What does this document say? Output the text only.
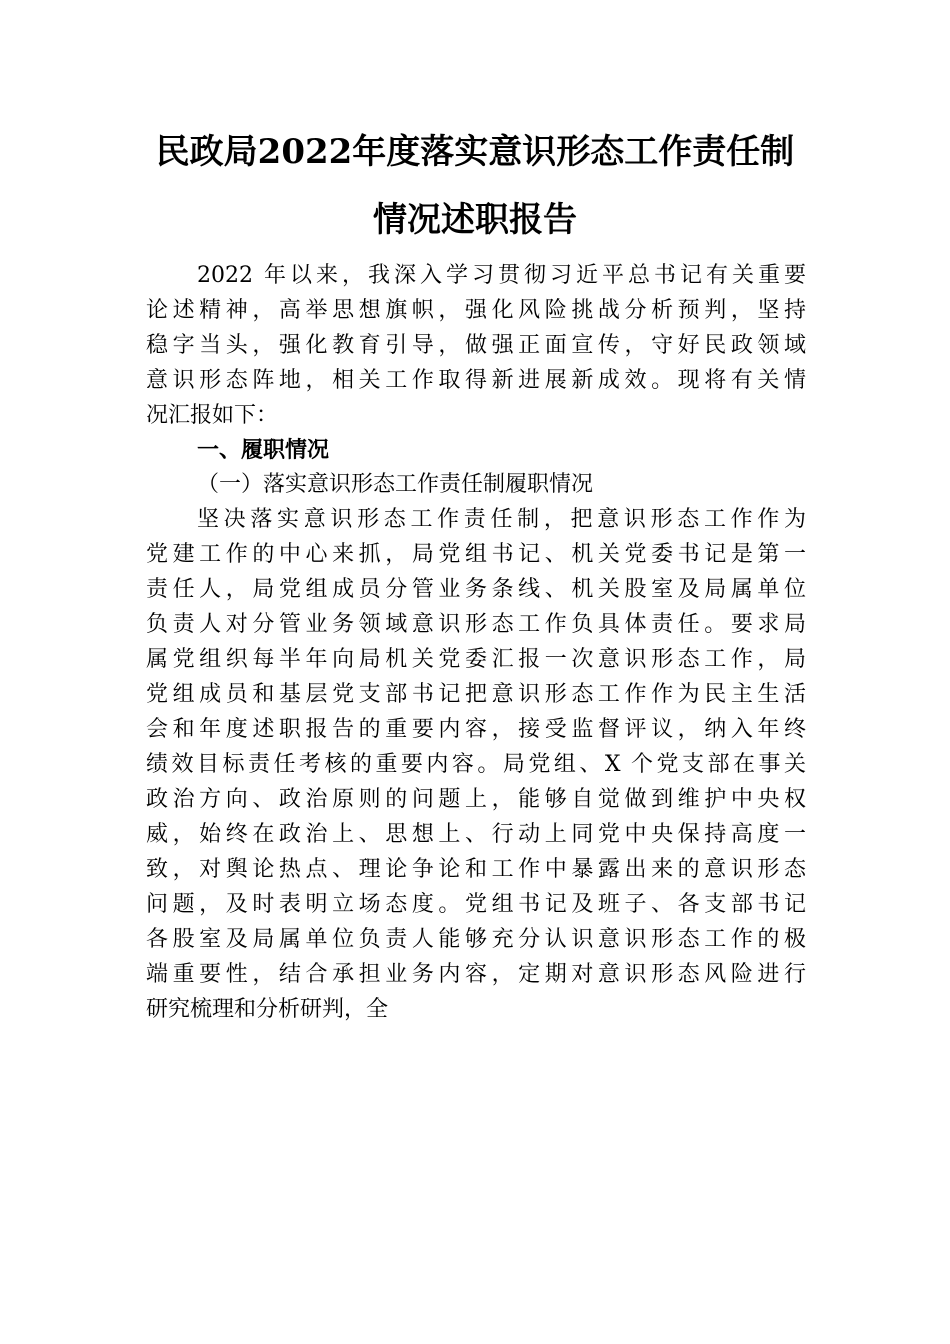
民政局2022年度落实意识形态工作责任制
情况述职报告
2022 年以来，我深入学习贯彻习近平总书记有关重要
论述精神，高举思想旗帜，强化风险挑战分析预判，坚持
稳字当头，强化教育引导，做强正面宣传，守好民政领域
意识形态阵地，相关工作取得新进展新成效。现将有关情
况汇报如下：
一、履职情况
（一）落实意识形态工作责任制履职情况
坚决落实意识形态工作责任制，把意识形态工作作为
党建工作的中心来抓，局党组书记、机关党委书记是第一
责任人，局党组成员分管业务条线、机关股室及局属单位
负责人对分管业务领域意识形态工作负具体责任。要求局
属党组织每半年向局机关党委汇报一次意识形态工作，局
党组成员和基层党支部书记把意识形态工作作为民主生活
会和年度述职报告的重要内容，接受监督评议，纳入年终
绩效目标责任考核的重要内容。局党组、X 个党支部在事关
政治方向、政治原则的问题上，能够自觉做到维护中央权
威，始终在政治上、思想上、行动上同党中央保持高度一
致，对舆论热点、理论争论和工作中暴露出来的意识形态
问题，及时表明立场态度。党组书记及班子、各支部书记
各股室及局属单位负责人能够充分认识意识形态工作的极
端重要性，结合承担业务内容，定期对意识形态风险进行
研究梳理和分析研判，全
